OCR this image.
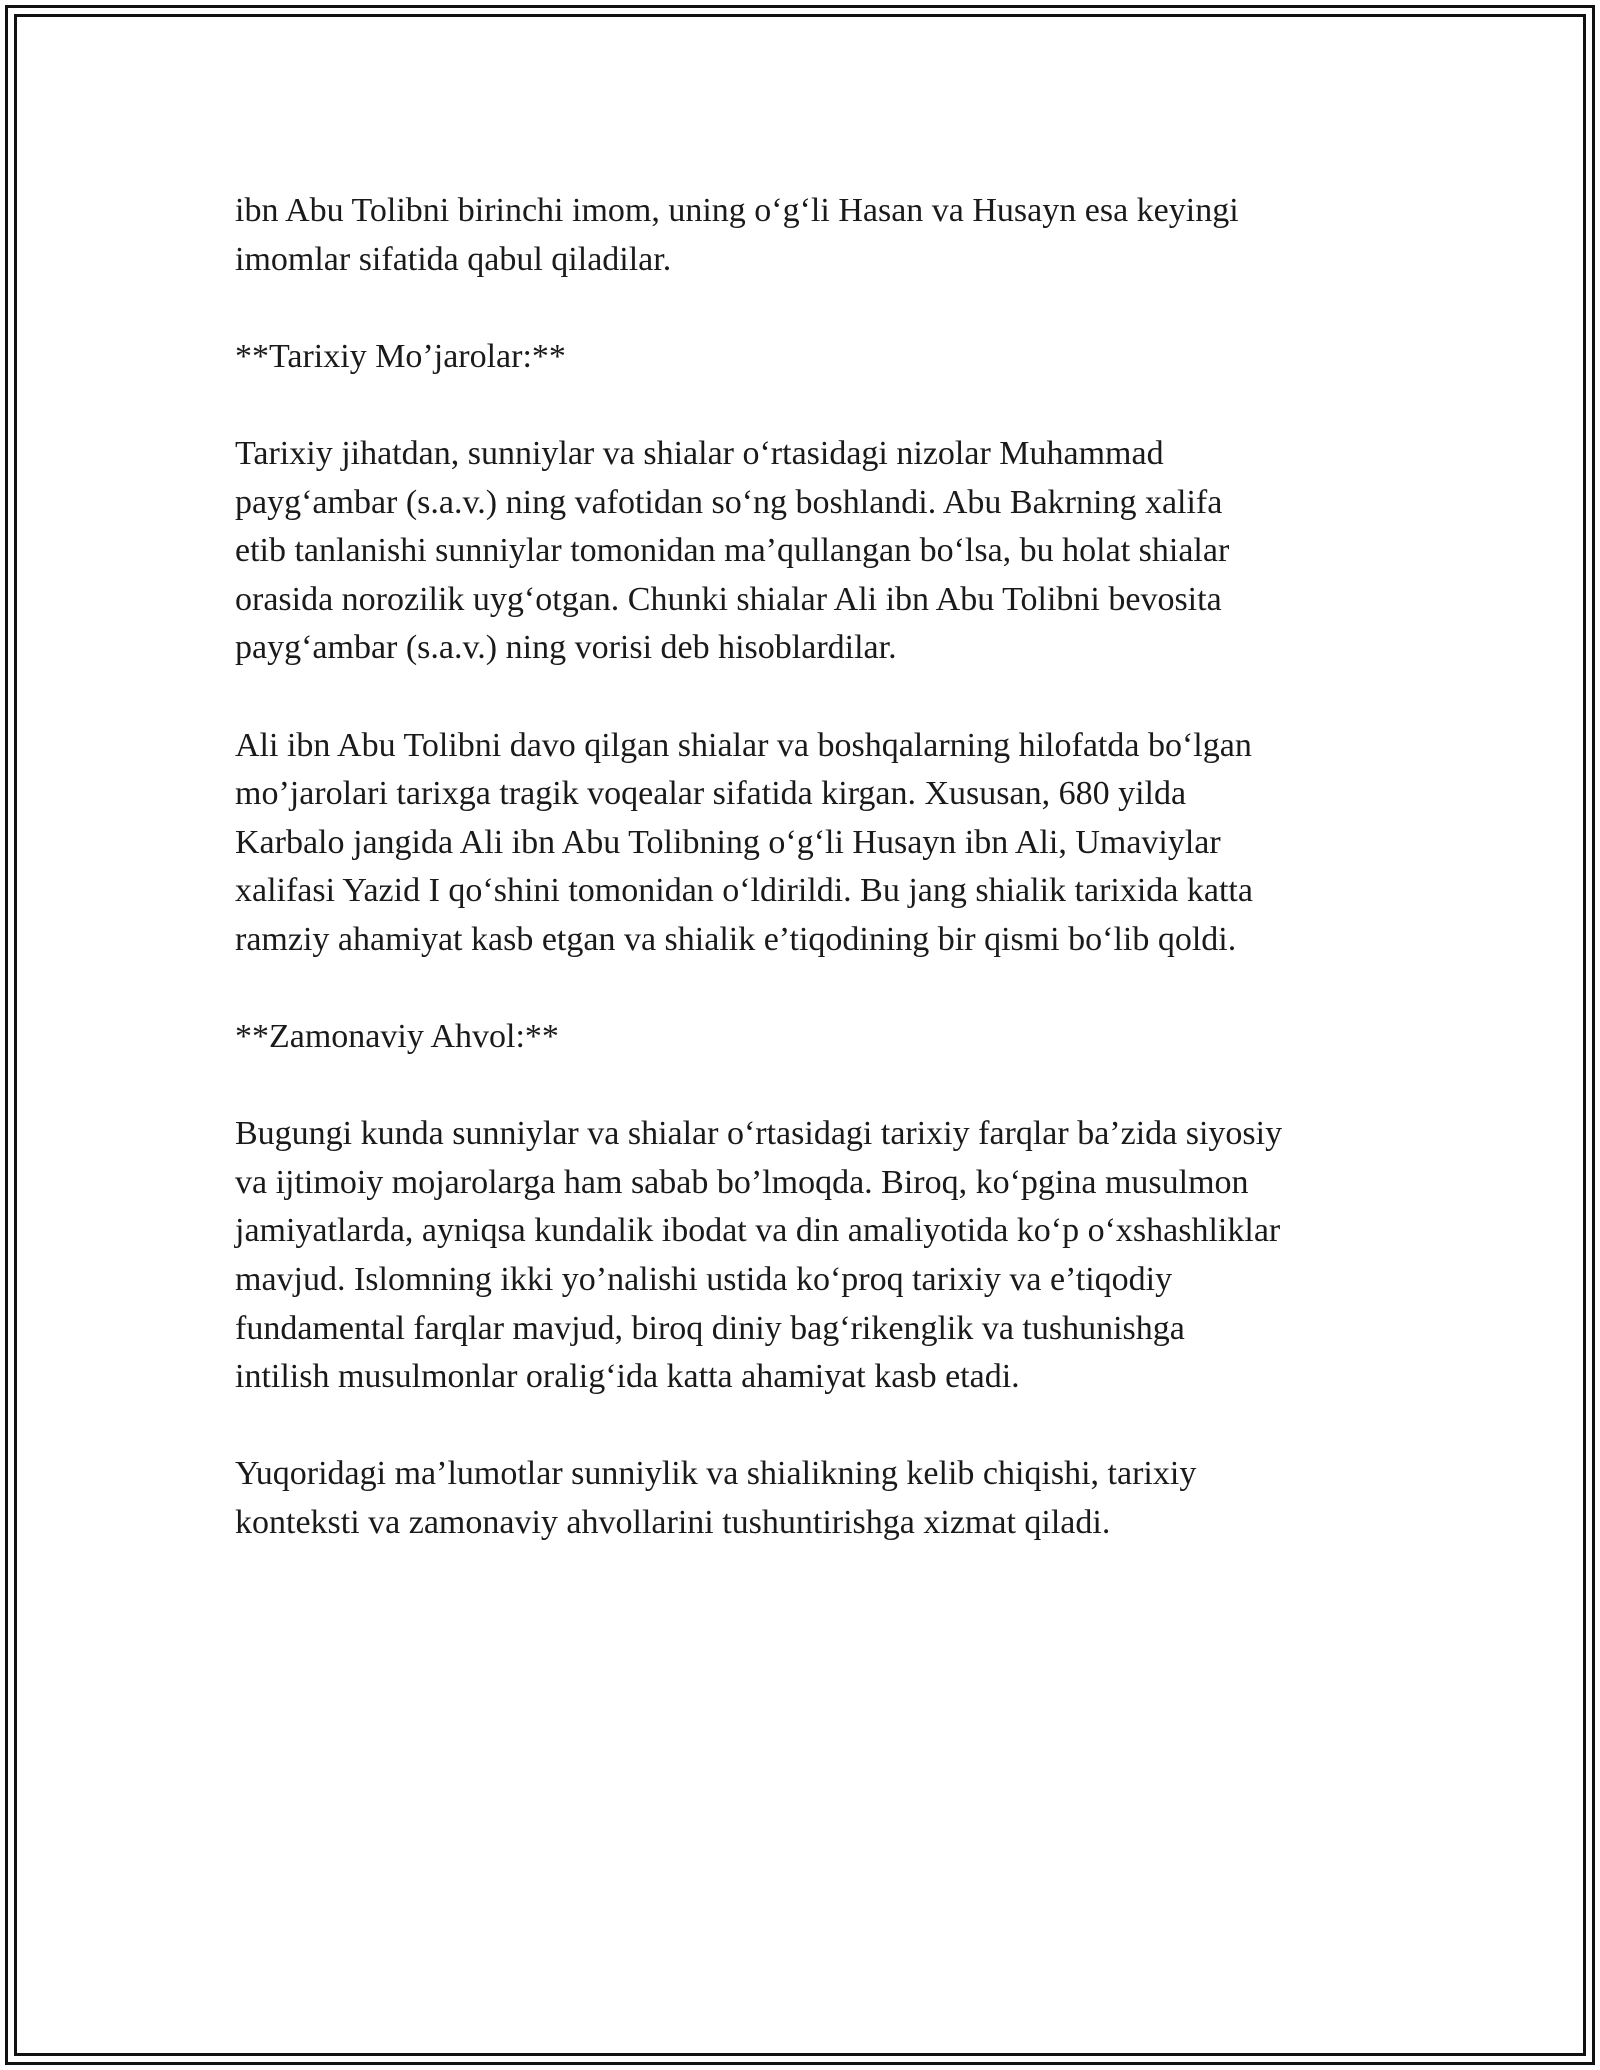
ibn Abu Tolibni birinchi imom, uning o‘g‘li Hasan va Husayn esa keyingi
imomlar sifatida qabul qiladilar.

**Tarixiy Mo’jarolar:**

Tarixiy jihatdan, sunniylar va shialar o‘rtasidagi nizolar Muhammad
payg‘ambar (s.a.v.) ning vafotidan so‘ng boshlandi. Abu Bakrning xalifa
etib tanlanishi sunniylar tomonidan ma’qullangan bo‘lsa, bu holat shialar
orasida norozilik uyg‘otgan. Chunki shialar Ali ibn Abu Tolibni bevosita
payg‘ambar (s.a.v.) ning vorisi deb hisoblardilar.

Ali ibn Abu Tolibni davo qilgan shialar va boshqalarning hilofatda bo‘lgan
mo’jarolari tarixga tragik voqealar sifatida kirgan. Xususan, 680 yilda
Karbalo jangida Ali ibn Abu Tolibning o‘g‘li Husayn ibn Ali, Umaviylar
xalifasi Yazid I qo‘shini tomonidan o‘ldirildi. Bu jang shialik tarixida katta
ramziy ahamiyat kasb etgan va shialik e’tiqodining bir qismi bo‘lib qoldi.

**Zamonaviy Ahvol:**

Bugungi kunda sunniylar va shialar o‘rtasidagi tarixiy farqlar ba’zida siyosiy
va ijtimoiy mojarolarga ham sabab bo’lmoqda. Biroq, ko‘pgina musulmon
jamiyatlarda, ayniqsa kundalik ibodat va din amaliyotida ko‘p o‘xshashliklar
mavjud. Islomning ikki yo’nalishi ustida ko‘proq tarixiy va e’tiqodiy
fundamental farqlar mavjud, biroq diniy bag‘rikenglik va tushunishga
intilish musulmonlar oralig‘ida katta ahamiyat kasb etadi.

Yuqoridagi ma’lumotlar sunniylik va shialikning kelib chiqishi, tarixiy
konteksti va zamonaviy ahvollarini tushuntirishga xizmat qiladi.
